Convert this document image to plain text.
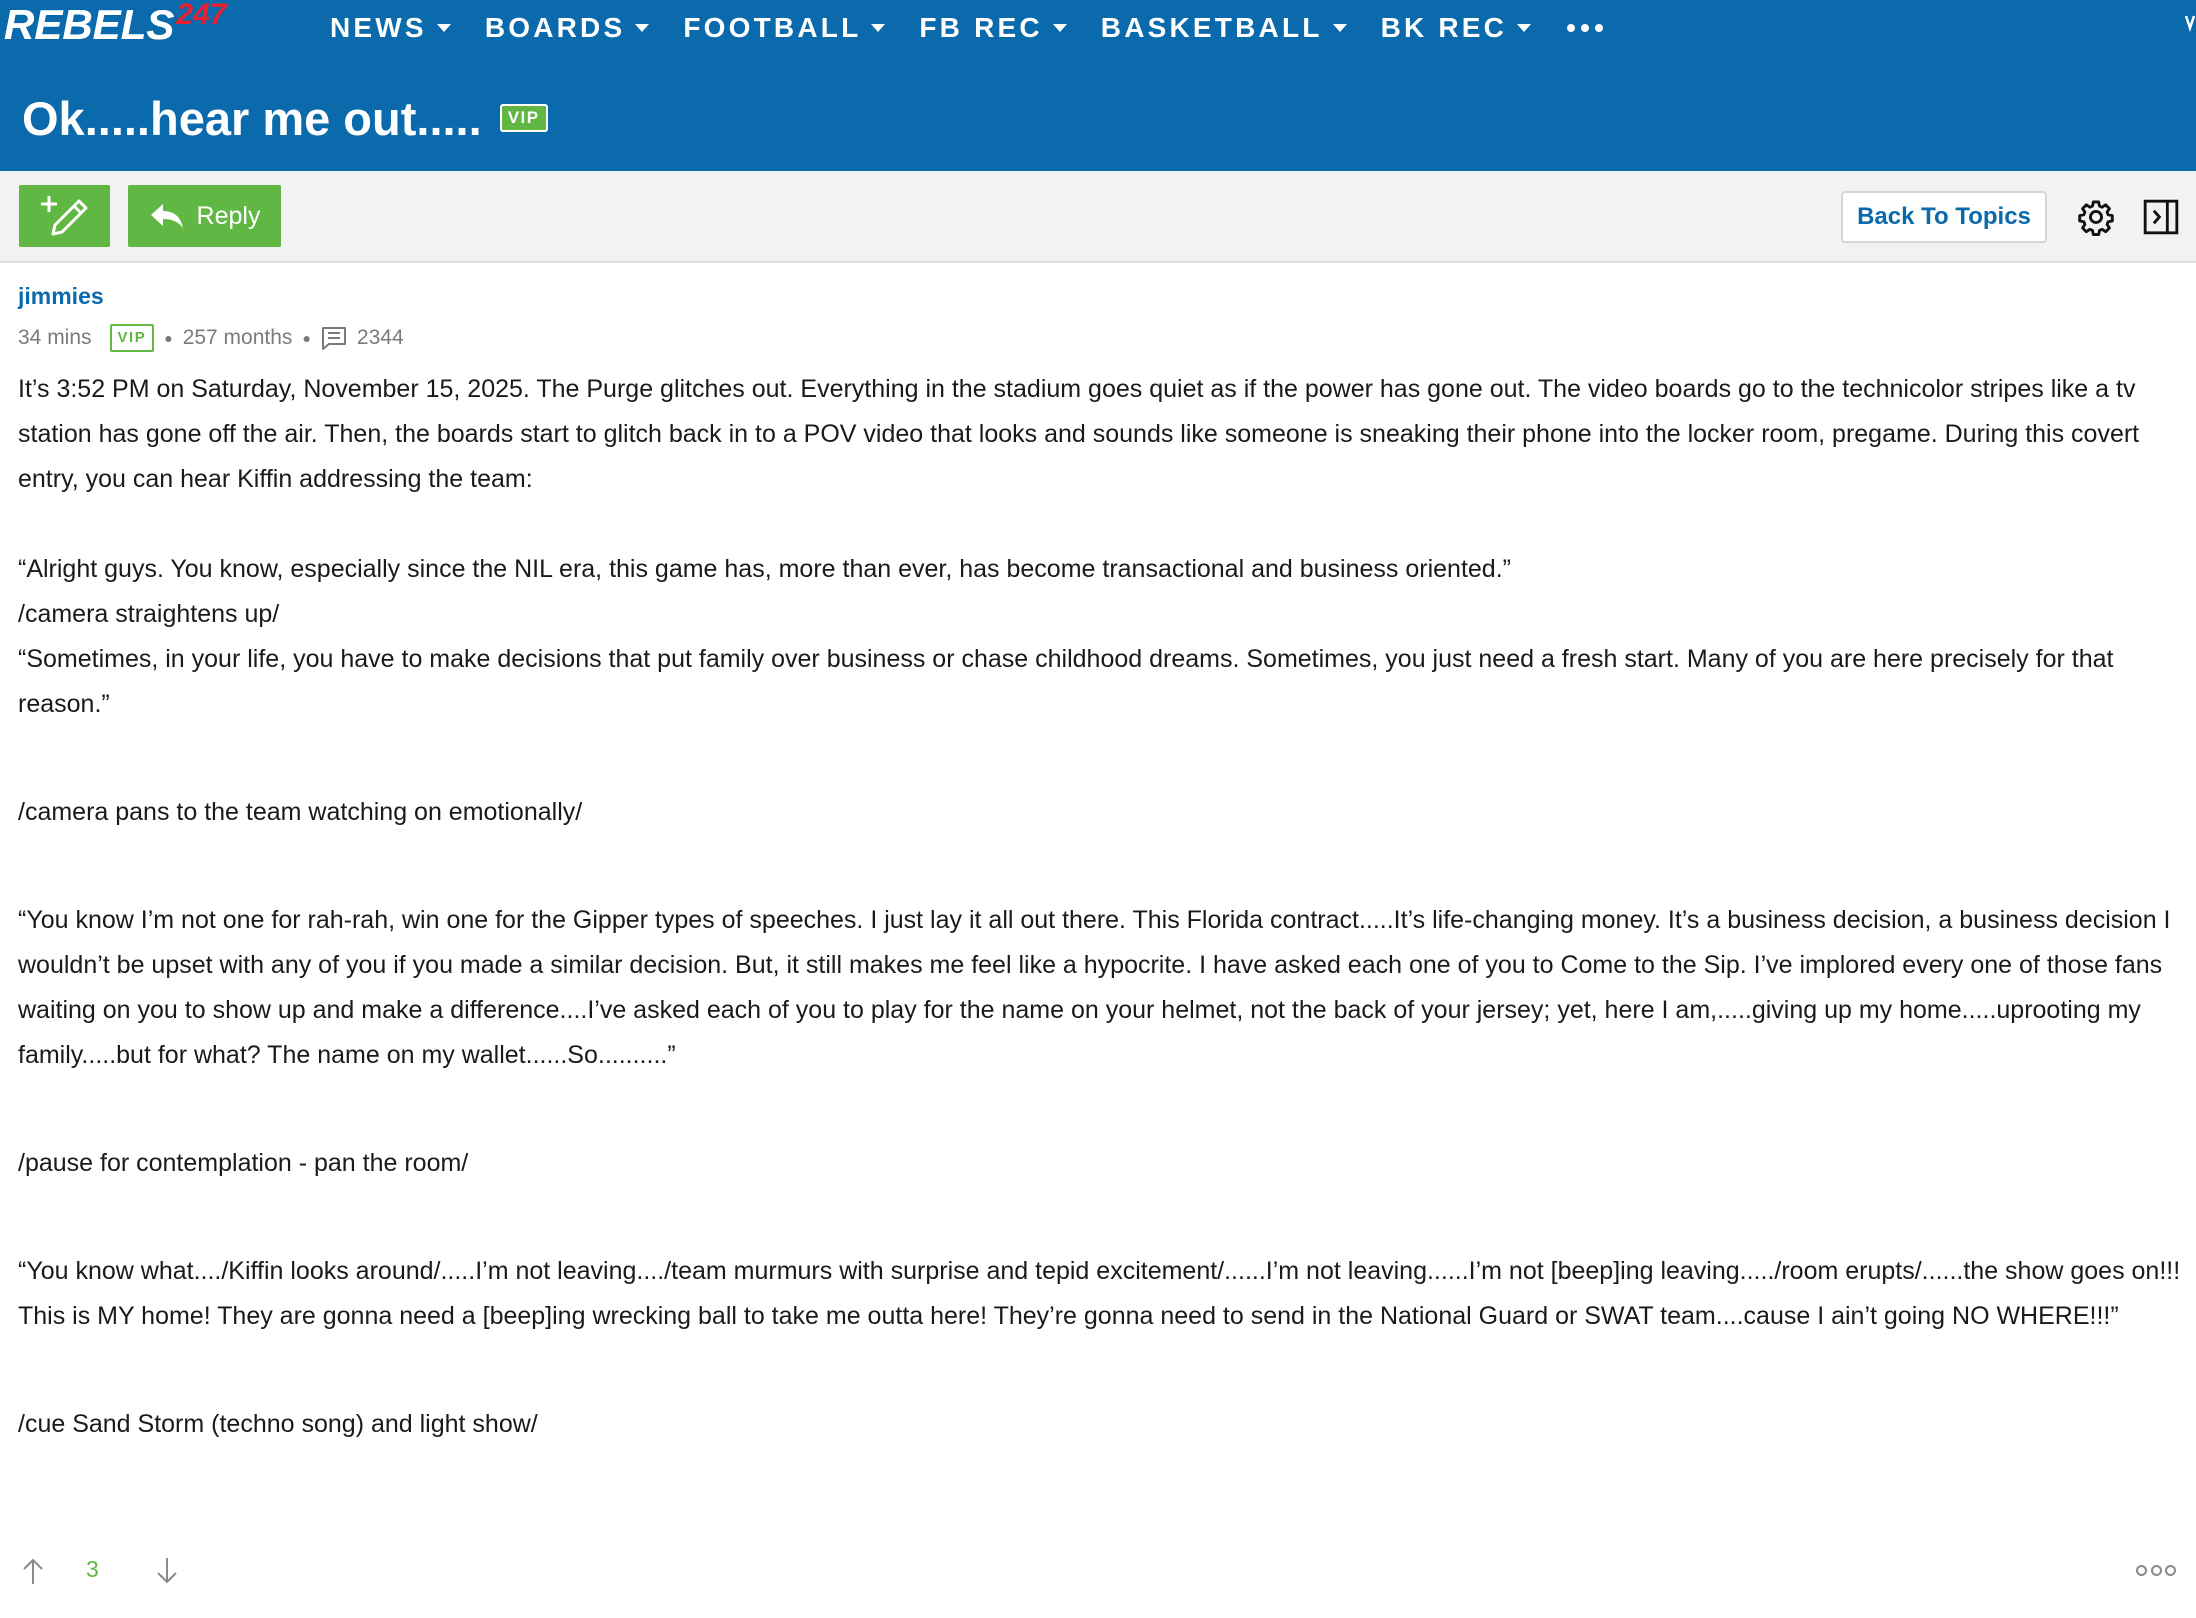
REBELS 247	NEWS BOARDS FOOTBALL FB REC BASKETBALL BK REC
Ok.....hear me out.....	VIP
Reply	Back To Topics
jimmies
34 mins	VIP	● 257 months ● 2344

It’s 3:52 PM on Saturday, November 15, 2025. The Purge glitches out. Everything in the stadium goes quiet as if the power has gone out. The video boards go to the technicolor stripes like a tv station has gone off the air. Then, the boards start to glitch back in to a POV video that looks and sounds like someone is sneaking their phone into the locker room, pregame. During this covert entry, you can hear Kiffin addressing the team:

“Alright guys. You know, especially since the NIL era, this game has, more than ever, has become transactional and business oriented.”

/camera straightens up/

“Sometimes, in your life, you have to make decisions that put family over business or chase childhood dreams. Sometimes, you just need a fresh start. Many of you are here precisely for that reason.”

/camera pans to the team watching on emotionally/

“You know I’m not one for rah-rah, win one for the Gipper types of speeches. I just lay it all out there. This Florida contract.....It’s life-changing money. It’s a business decision, a business decision I wouldn’t be upset with any of you if you made a similar decision. But, it still makes me feel like a hypocrite. I have asked each one of you to Come to the Sip. I’ve implored every one of those fans waiting on you to show up and make a difference....I’ve asked each of you to play for the name on your helmet, not the back of your jersey; yet, here I am,.....giving up my home.....uprooting my family.....but for what? The name on my wallet......So..........”

/pause for contemplation - pan the room/

“You know what..../Kiffin looks around/.....I’m not leaving..../team murmurs with surprise and tepid excitement/......I’m not leaving......I’m not [beep]ing leaving...../room erupts/......the show goes on!!! This is MY home! They are gonna need a [beep]ing wrecking ball to take me outta here! They’re gonna need to send in the National Guard or SWAT team....cause I ain’t going NO WHERE!!!”

/cue Sand Storm (techno song) and light show/

3
